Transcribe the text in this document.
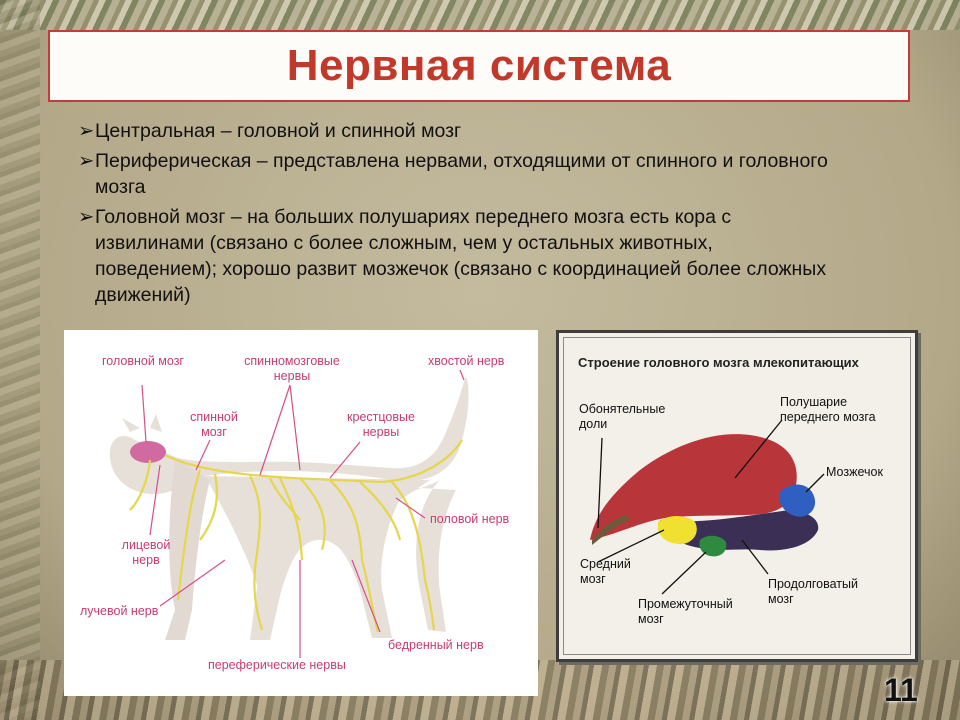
Нервная система
➢ Центральная – головной и спинной мозг
➢ Периферическая – представлена нервами, отходящими от спинного и головного мозга
➢ Головной мозг – на больших полушариях переднего мозга есть кора с извилинами (связано с более сложным, чем у остальных животных, поведением); хорошо развит мозжечок (связано с координацией более сложных движений)
головной мозг	спинномозговые нервы
хвостой нерв
спинной мозг
крестцовые нервы
лицевой нерв
половой нерв
лучевой нерв
бедренный нерв
переферические нервы
Строение головного мозга млекопитающих
Обонятельные доли
Полушарие переднего мозга
Мозжечок
Средний мозг
Промежуточный мозг
Продолговатый мозг
11
